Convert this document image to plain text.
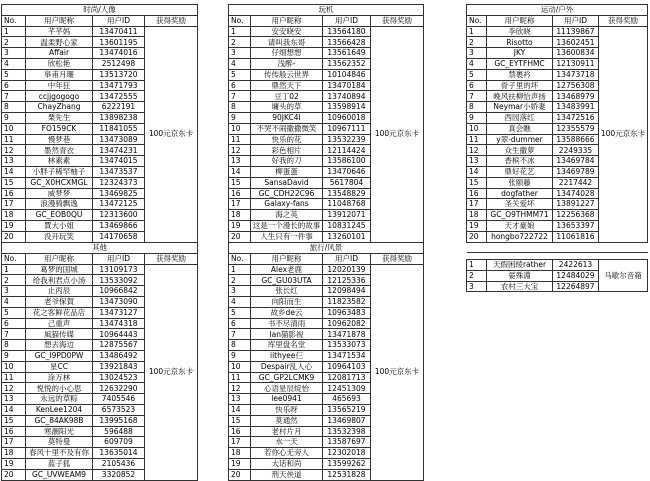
时尚/人像			
No.	用户昵称	用户ID	获得奖励
1	芊芊妈	13470411	100元京东卡
2	温柔野心家	13601195	
3	Affair	13474016	
4	欣松艳	2512498	
5	皋甫月珊	13513720	
6	中年狂	13471793	
7	ccjjgogogo	13472555	
8	ChayZhang	6222191	
9	栗先生	13898238	
10	FO159CK	11841055	
11	慢梦巷	13473089	
12	墨然青衣	13474231	
13	林素素	13474015	
14	小胖子稀罕柚子	13473537	
15	GC_X0HCXMGL	12324373	
16	威梦梦	13469825	
17	浪漫骑飘逸	13472125	
18	GC_EOB0QU	12313600	
19	賈大小姐	13469866	
20	没开玩笑	14170658	
玩机			
No.	用户昵称	用户ID	获得奖励
1	安安晓安	13564180	100元京东卡
2	请叫我东哥	13566428	
3	仔细想想	13561649	
4	浅醉-	13562352	
5	传传般云世界	10104846	
6	鼎然天下	13470184	
7	豆丁02	13740894	
8	墉头的草	13598914	
9	90JKC4I	10960018	
10	不哭不闹撒撒微笑	10967111	
11	快乐的花	13532239	
12	彩色相片	12114424	
13	好我的刀	13586100	
14	柳蛋蛋	13470646	
15	SansaDavid	5617804	
16	GC_CDH22C96	13548829	
17	Galaxy-fans	11048768	
18	海之英	13912071	
19	这是一个漫长的故事	10831245	
20	人生只有一件事	13260101	
运动/户外			
No.	用户昵称	用户ID	获得奖励
1	李欣晓	11139867	100元京东卡
2	Risotto	13602451	
3	JKY	13600834	
4	GC_EYTFHMC	12130911	
5	禁裹衿	13473718	
6	骨子里的坏	12756308	
7	晚风扶柳恰声扬	13468979	
8	Neymar小娇妻	13483991	
9	西园落红	13472516	
10	真会瞧	12355579	
11	y翠-dummer	13588666	
12	众生撒萝	2249335	
13	香槟不冰	13469784	
14	鼎好花艺	13469789	
15	张颐藤	2217442	
16	dogfather	13474028	
17	圣关爱坏	13891227	
18	GC_O9THMM71	12256368	
19	天才豪娘	13653397	
20	hongbo722722	11061816	
其他			
No.	用户昵称	用户ID	获得奖励
1	葛梦的国城	13109173	100元京东卡
2	给我利君点小汤	13533092	
3	止丙辰	10966842	
4	老爷保賀	13473090	
5	花之客鲜花品店	13473127	
6	己重声	13474318	
7	風猫传媒	10964443	
8	想去海边	12875567	
9	GC_I9PD0PW	13486492	
10	星CC	13921843	
11	涂万林	13024523	
12	悦悦的小心思	12632290	
13	永远的草粽	7405546	
14	KenLee1204	6573523	
15	GC_84AK98B	13995168	
16	寒潮阳光	596488	
17	莫特曼	609709	
18	春风十里不及有你	13635014	
19	蓝子狐	2105436	
20	GC_UVWEAM9	3320852	
旅行/风景			
No.	用户昵称	用户ID	获得奖励
1	Alex老鹿	12020139	100元京东卡
2	GC_GU03UTA	12125336	
3	张长红	12098494	
4	向阳而生	11823582	
5	故乡de云	10963483	
6	书不尽清雨	10962082	
7	Ian猫影视	13471878	
8	库里盘名堂	13533073	
9	iithyee仨	13471534	
10	Despair乱人心	10964103	
11	GC_GP2LCMK9	12081713	
12	心语星辰绽怡	12451309	
13	lee0941	465693	
14	快乐呀	13565219	
15	莫通然	13469807	
16	老村片月	13532398	
17	水一天	13587697	
18	若你心无旁人	12302018	
19	大话和尚	13599262	
20	刑天侠道	12531828	

1	天假困绫rather	2422613	马歇尔音箱
2	晏殊淵	12484029	
3	农村三大宝	12264897	
